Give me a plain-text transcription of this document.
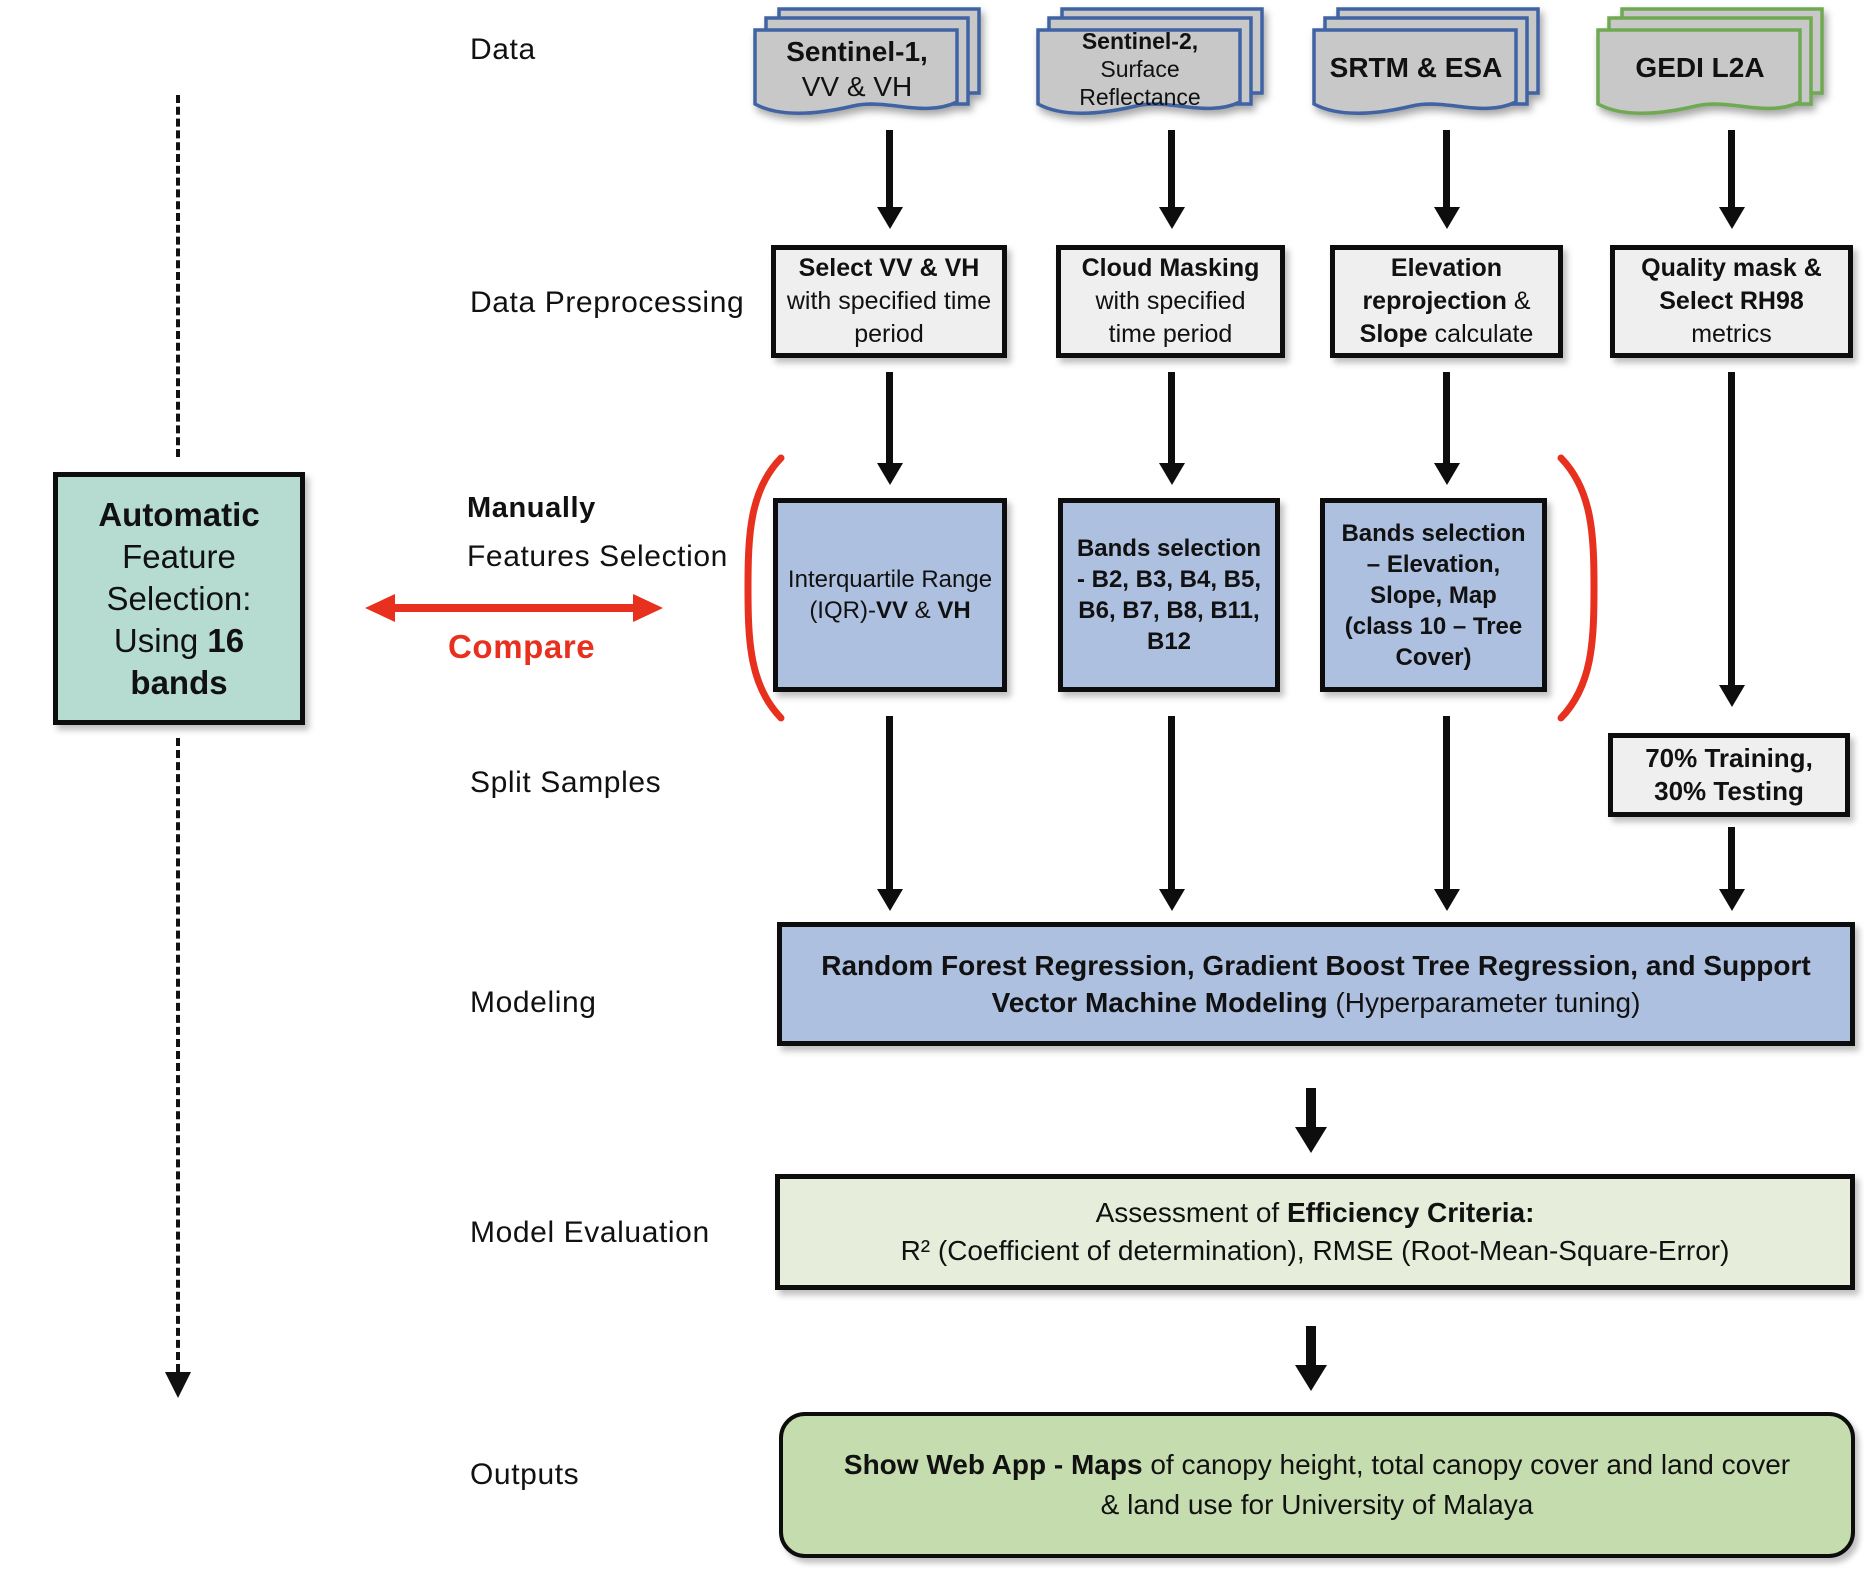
Automatic
Feature
Selection:
Using 16
bands
Data
Data Preprocessing
Manually
Features Selection
Compare
Split Samples
Modeling
Model Evaluation
Outputs
Sentinel-1,
VV & VH
Sentinel-2,
Surface
Reflectance
SRTM & ESA	GEDI L2A
Select VV & VH with specified time period
Cloud Masking with specified time period
Elevation reprojection & Slope calculate
Quality mask & Select RH98 metrics
Interquartile Range (IQR)-VV & VH
Bands selection - B2, B3, B4, B5, B6, B7, B8, B11, B12
Bands selection – Elevation, Slope, Map (class 10 – Tree Cover)
70% Training,
30% Testing
Random Forest Regression, Gradient Boost Tree Regression, and Support Vector Machine Modeling (Hyperparameter tuning)
Assessment of Efficiency Criteria:
R² (Coefficient of determination), RMSE (Root-Mean-Square-Error)
Show Web App - Maps of canopy height, total canopy cover and land cover & land use for University of Malaya
